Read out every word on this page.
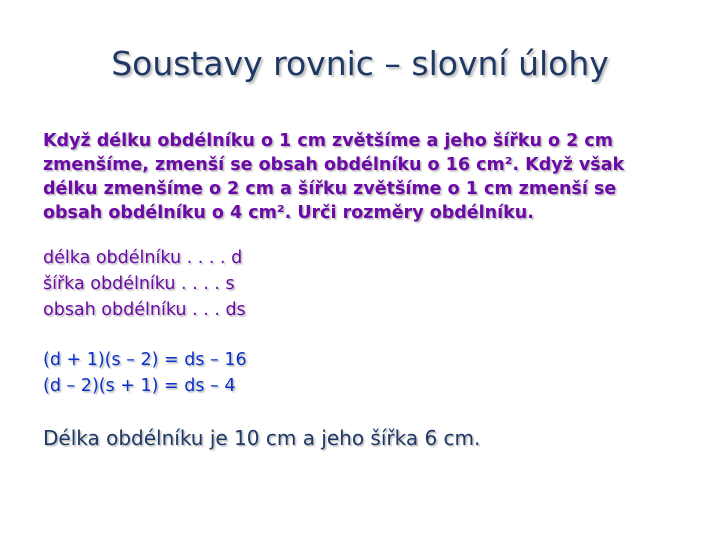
Soustavy rovnic – slovní úlohy
Když délku obdélníku o 1 cm zvětšíme a jeho šířku o 2 cm
zmenšíme, zmenší se obsah obdélníku o 16 cm². Když však
délku zmenšíme o 2 cm a šířku zvětšíme o 1 cm zmenší se
obsah obdélníku o 4 cm². Urči rozměry obdélníku.
délka obdélníku . . . . d
šířka obdélníku . . . . s
obsah obdélníku . . . ds
(d + 1)(s – 2) = ds – 16
(d – 2)(s + 1) = ds – 4
Délka obdélníku je 10 cm a jeho šířka 6 cm.
